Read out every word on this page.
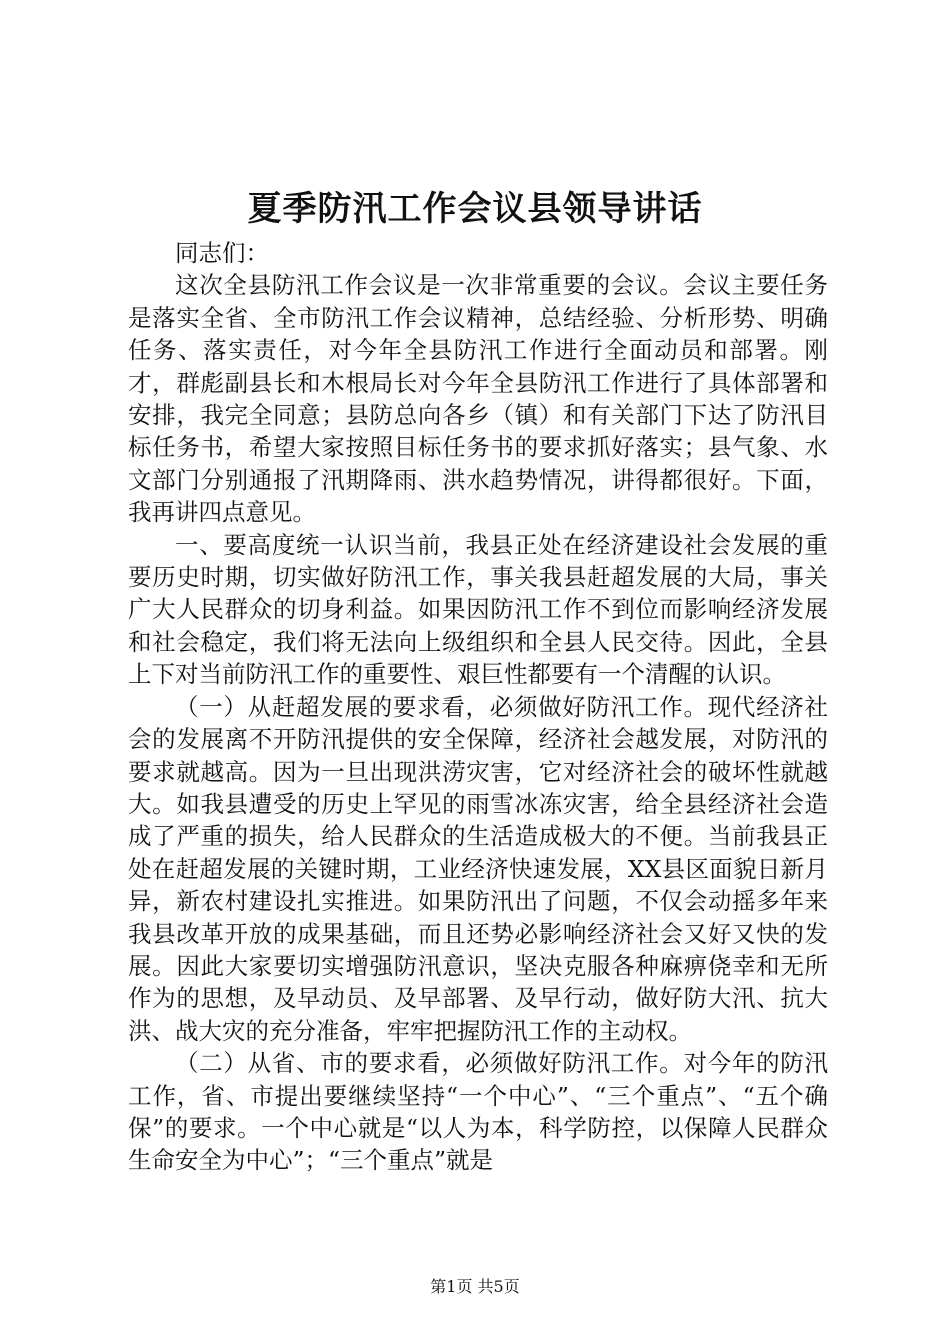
夏季防汛工作会议县领导讲话

同志们：

这次全县防汛工作会议是一次非常重要的会议。会议主要任务是落实全省、全市防汛工作会议精神，总结经验、分析形势、明确任务、落实责任，对今年全县防汛工作进行全面动员和部署。刚才，群彪副县长和木根局长对今年全县防汛工作进行了具体部署和安排，我完全同意；县防总向各乡（镇）和有关部门下达了防汛目标任务书，希望大家按照目标任务书的要求抓好落实；县气象、水文部门分别通报了汛期降雨、洪水趋势情况，讲得都很好。下面，我再讲四点意见。

一、要高度统一认识当前，我县正处在经济建设社会发展的重要历史时期，切实做好防汛工作，事关我县赶超发展的大局，事关广大人民群众的切身利益。如果因防汛工作不到位而影响经济发展和社会稳定，我们将无法向上级组织和全县人民交待。因此，全县上下对当前防汛工作的重要性、艰巨性都要有一个清醒的认识。

（一）从赶超发展的要求看，必须做好防汛工作。现代经济社会的发展离不开防汛提供的安全保障，经济社会越发展，对防汛的要求就越高。因为一旦出现洪涝灾害，它对经济社会的破坏性就越大。如我县遭受的历史上罕见的雨雪冰冻灾害，给全县经济社会造成了严重的损失，给人民群众的生活造成极大的不便。当前我县正处在赶超发展的关键时期，工业经济快速发展，XX县区面貌日新月异，新农村建设扎实推进。如果防汛出了问题，不仅会动摇多年来我县改革开放的成果基础，而且还势必影响经济社会又好又快的发展。因此大家要切实增强防汛意识，坚决克服各种麻痹侥幸和无所作为的思想，及早动员、及早部署、及早行动，做好防大汛、抗大洪、战大灾的充分准备，牢牢把握防汛工作的主动权。

（二）从省、市的要求看，必须做好防汛工作。对今年的防汛工作，省、市提出要继续坚持“一个中心”、“三个重点”、“五个确保”的要求。一个中心就是“以人为本，科学防控，以保障人民群众生命安全为中心”；“三个重点”就是

第1页 共5页
